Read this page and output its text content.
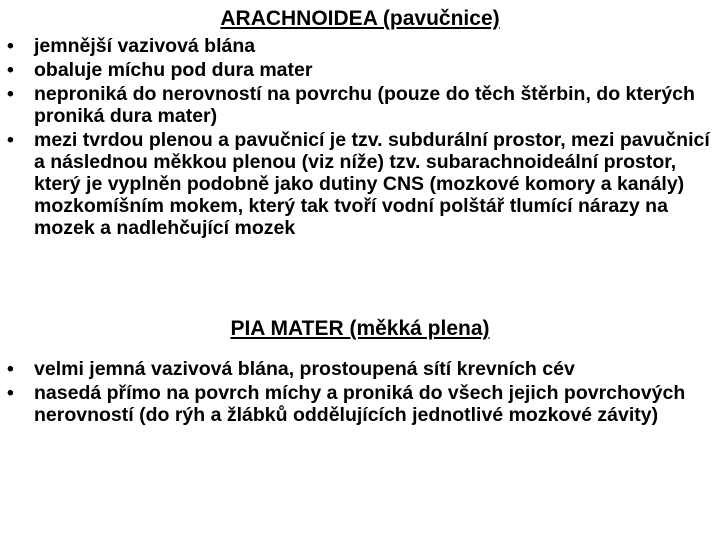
ARACHNOIDEA (pavučnice)
• jemnější vazivová blána
• obaluje míchu pod dura mater
• neproniká do nerovností na povrchu (pouze do těch štěrbin, do kterých proniká dura mater)
• mezi tvrdou plenou a pavučnicí je tzv. subdurální prostor, mezi pavučnicí a následnou měkkou plenou (viz níže) tzv. subarachnoideální prostor, který je vyplněn podobně jako dutiny CNS (mozkové komory a kanály) mozkomíšním mokem, který tak tvoří vodní polštář tlumící nárazy na mozek a nadlehčující mozek
PIA MATER (měkká plena)
• velmi jemná vazivová blána, prostoupená sítí krevních cév
• nasedá přímo na povrch míchy a proniká do všech jejich povrchových nerovností (do rýh a žlábků oddělujících jednotlivé mozkové závity)
